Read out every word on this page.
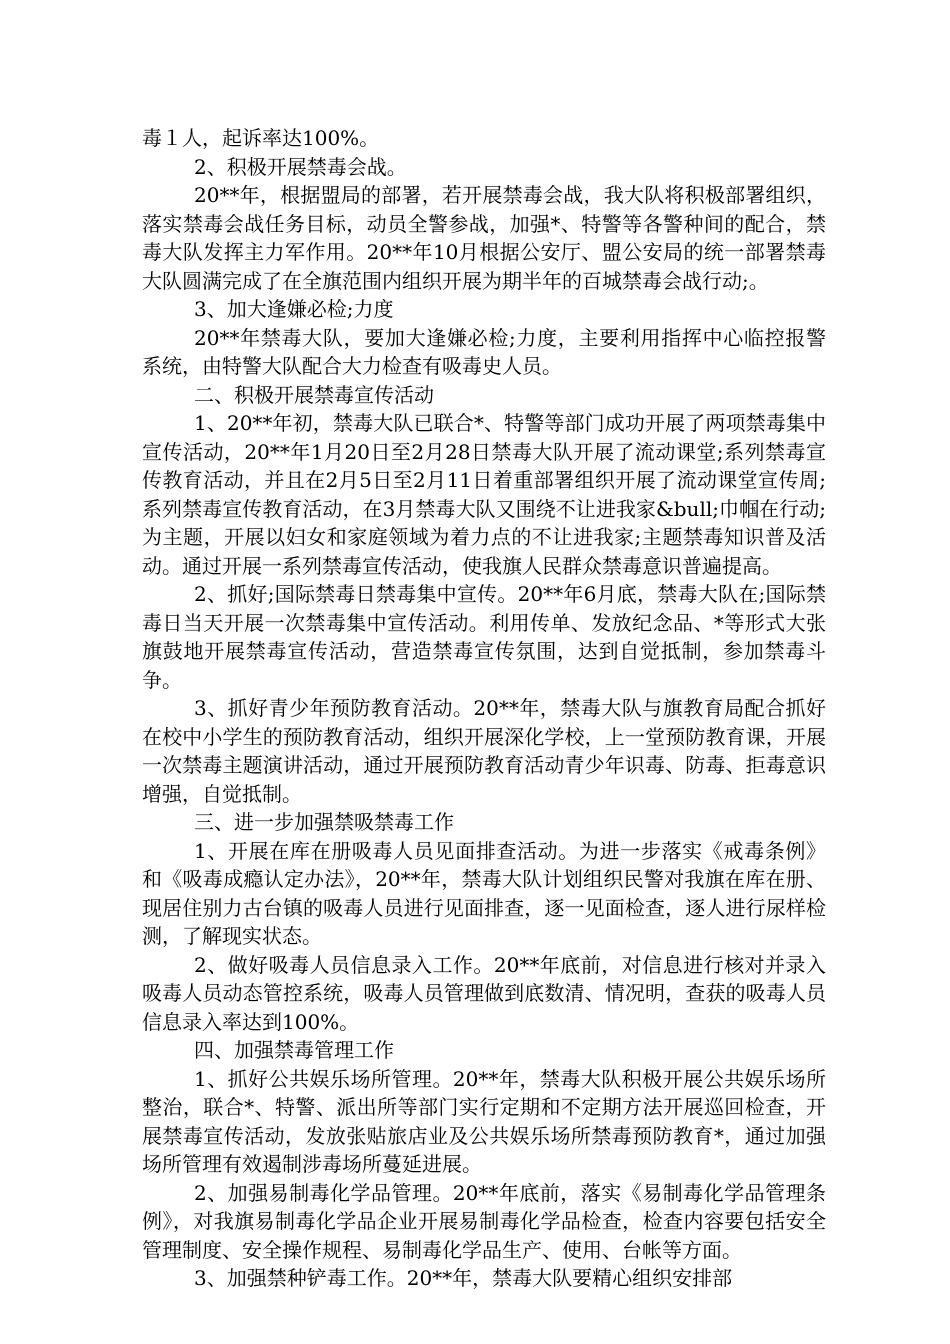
毒１人，起诉率达100%。

2、积极开展禁毒会战。

20**年，根据盟局的部署，若开展禁毒会战，我大队将积极部署组织，落实禁毒会战任务目标，动员全警参战，加强*、特警等各警种间的配合，禁毒大队发挥主力军作用。20**年10月根据公安厅、盟公安局的统一部署禁毒大队圆满完成了在全旗范围内组织开展为期半年的百城禁毒会战行动;。

3、加大逢嫌必检;力度

20**年禁毒大队，要加大逢嫌必检;力度，主要利用指挥中心临控报警系统，由特警大队配合大力检查有吸毒史人员。

二、积极开展禁毒宣传活动

1、20**年初，禁毒大队已联合*、特警等部门成功开展了两项禁毒集中宣传活动，20**年1月20日至2月28日禁毒大队开展了流动课堂;系列禁毒宣传教育活动，并且在2月5日至2月11日着重部署组织开展了流动课堂宣传周;系列禁毒宣传教育活动，在3月禁毒大队又围绕不让进我家&bull;巾帼在行动;为主题，开展以妇女和家庭领域为着力点的不让进我家;主题禁毒知识普及活动。通过开展一系列禁毒宣传活动，使我旗人民群众禁毒意识普遍提高。

2、抓好;国际禁毒日禁毒集中宣传。20**年6月底，禁毒大队在;国际禁毒日当天开展一次禁毒集中宣传活动。利用传单、发放纪念品、*等形式大张旗鼓地开展禁毒宣传活动，营造禁毒宣传氛围，达到自觉抵制，参加禁毒斗争。

3、抓好青少年预防教育活动。20**年，禁毒大队与旗教育局配合抓好在校中小学生的预防教育活动，组织开展深化学校，上一堂预防教育课，开展一次禁毒主题演讲活动，通过开展预防教育活动青少年识毒、防毒、拒毒意识增强，自觉抵制。

三、进一步加强禁吸禁毒工作

1、开展在库在册吸毒人员见面排查活动。为进一步落实《戒毒条例》和《吸毒成瘾认定办法》，20**年，禁毒大队计划组织民警对我旗在库在册、现居住别力古台镇的吸毒人员进行见面排查，逐一见面检查，逐人进行尿样检测，了解现实状态。

2、做好吸毒人员信息录入工作。20**年底前，对信息进行核对并录入吸毒人员动态管控系统，吸毒人员管理做到底数清、情况明，查获的吸毒人员信息录入率达到100%。

四、加强禁毒管理工作

1、抓好公共娱乐场所管理。20**年，禁毒大队积极开展公共娱乐场所整治，联合*、特警、派出所等部门实行定期和不定期方法开展巡回检查，开展禁毒宣传活动，发放张贴旅店业及公共娱乐场所禁毒预防教育*，通过加强场所管理有效遏制涉毒场所蔓延进展。

2、加强易制毒化学品管理。20**年底前，落实《易制毒化学品管理条例》，对我旗易制毒化学品企业开展易制毒化学品检查，检查内容要包括安全管理制度、安全操作规程、易制毒化学品生产、使用、台帐等方面。

3、加强禁种铲毒工作。20**年，禁毒大队要精心组织安排部
